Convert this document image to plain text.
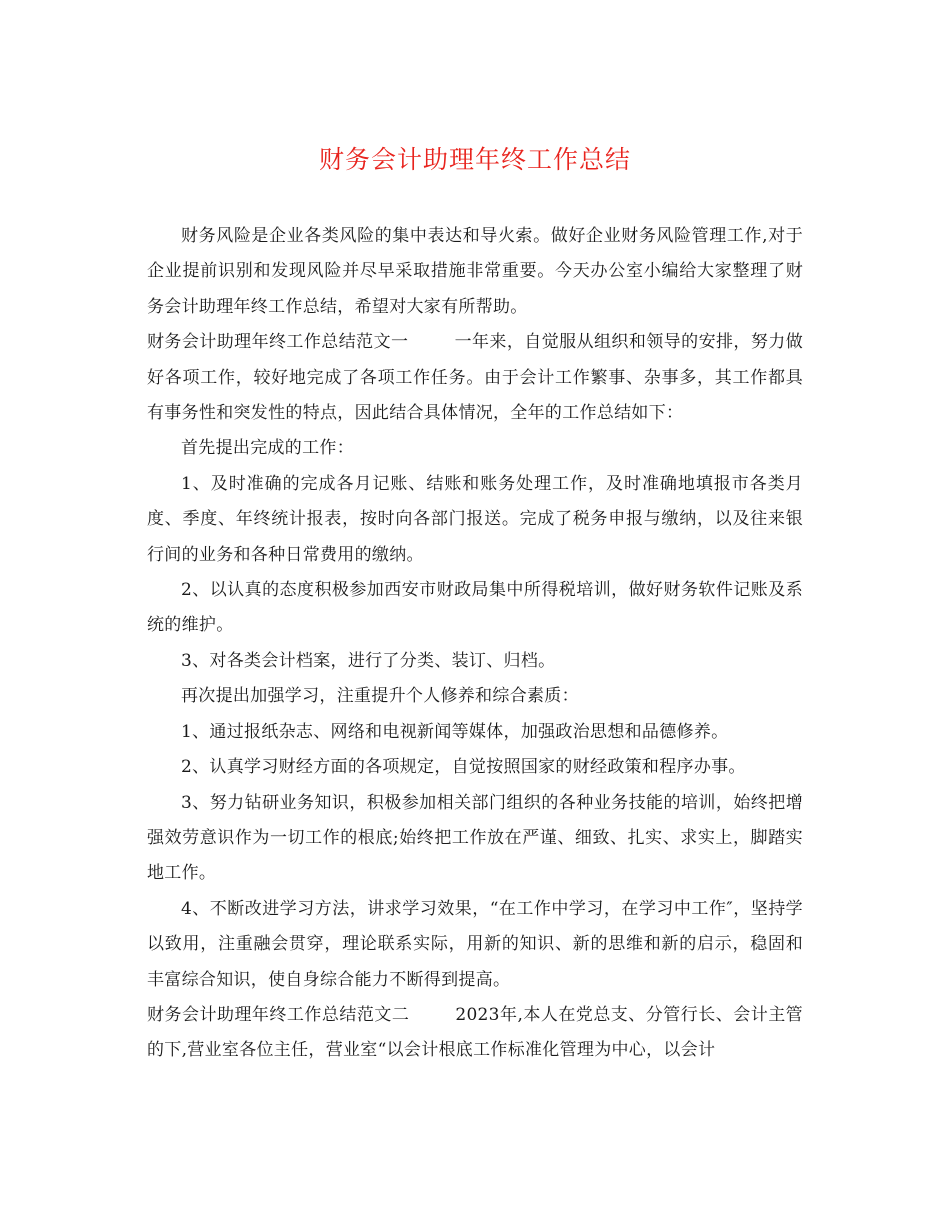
财务会计助理年终工作总结

财务风险是企业各类风险的集中表达和导火索。做好企业财务风险管理工作,对于企业提前识别和发现风险并尽早采取措施非常重要。今天办公室小编给大家整理了财务会计助理年终工作总结，希望对大家有所帮助。

财务会计助理年终工作总结范文一	一年来，自觉服从组织和领导的安排，努力做好各项工作，较好地完成了各项工作任务。由于会计工作繁事、杂事多，其工作都具有事务性和突发性的特点，因此结合具体情况，全年的工作总结如下：

首先提出完成的工作：

1、及时准确的完成各月记账、结账和账务处理工作，及时准确地填报市各类月度、季度、年终统计报表，按时向各部门报送。完成了税务申报与缴纳，以及往来银行间的业务和各种日常费用的缴纳。

2、以认真的态度积极参加西安市财政局集中所得税培训，做好财务软件记账及系统的维护。

3、对各类会计档案，进行了分类、装订、归档。

再次提出加强学习，注重提升个人修养和综合素质：

1、通过报纸杂志、网络和电视新闻等媒体，加强政治思想和品德修养。

2、认真学习财经方面的各项规定，自觉按照国家的财经政策和程序办事。

3、努力钻研业务知识，积极参加相关部门组织的各种业务技能的培训，始终把增强效劳意识作为一切工作的根底;始终把工作放在严谨、细致、扎实、求实上，脚踏实地工作。

4、不断改进学习方法，讲求学习效果，“在工作中学习，在学习中工作″，坚持学以致用，注重融会贯穿，理论联系实际，用新的知识、新的思维和新的启示，稳固和丰富综合知识，使自身综合能力不断得到提高。

财务会计助理年终工作总结范文二	2023年,本人在党总支、分管行长、会计主管的下,营业室各位主任，营业室“以会计根底工作标准化管理为中心，以会计
